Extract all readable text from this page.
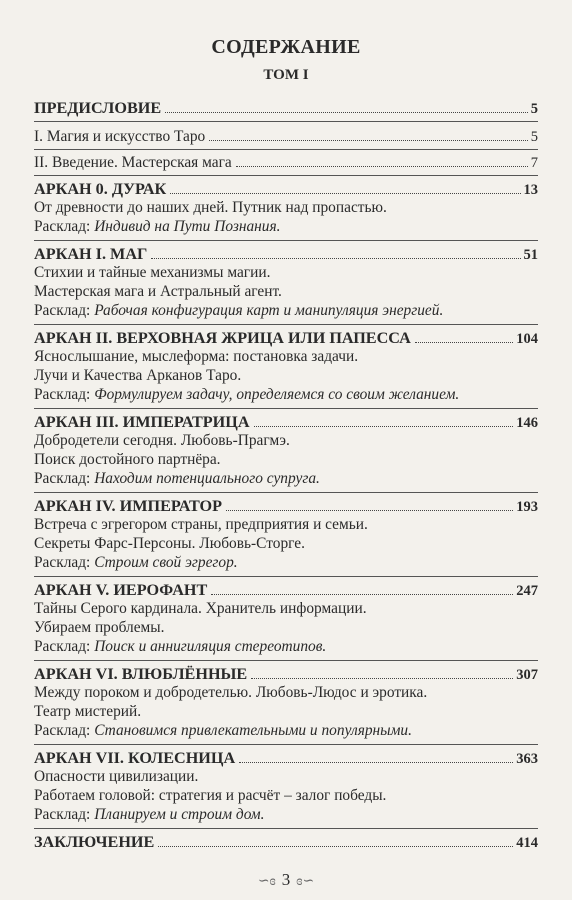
СОДЕРЖАНИЕ
ТОМ I
ПРЕДИСЛОВИЕ	5
I. Магия и искусство Таро	5
II. Введение. Мастерская мага	7
АРКАН 0. ДУРАК	13
От древности до наших дней. Путник над пропастью.
Расклад: Индивид на Пути Познания.
АРКАН I. МАГ	51
Стихии и тайные механизмы магии.
Мастерская мага и Астральный агент.
Расклад: Рабочая конфигурация карт и манипуляция энергией.
АРКАН II. ВЕРХОВНАЯ ЖРИЦА ИЛИ ПАПЕССА	104
Яснослышание, мыслеформа: постановка задачи.
Лучи и Качества Арканов Таро.
Расклад: Формулируем задачу, определяемся со своим желанием.
АРКАН III. ИМПЕРАТРИЦА	146
Добродетели сегодня. Любовь-Прагмэ.
Поиск достойного партнёра.
Расклад: Находим потенциального супруга.
АРКАН IV. ИМПЕРАТОР	193
Встреча с эгрегором страны, предприятия и семьи.
Секреты Фарс-Персоны. Любовь-Сторге.
Расклад: Строим свой эгрегор.
АРКАН V. ИЕРОФАНТ	247
Тайны Серого кардинала. Хранитель информации.
Убираем проблемы.
Расклад: Поиск и аннигиляция стереотипов.
АРКАН VI. ВЛЮБЛЁННЫЕ	307
Между пороком и добродетелью. Любовь-Людос и эротика.
Театр мистерий.
Расклад: Становимся привлекательными и популярными.
АРКАН VII. КОЛЕСНИЦА	363
Опасности цивилизации.
Работаем головой: стратегия и расчёт – залог победы.
Расклад: Планируем и строим дом.
ЗАКЛЮЧЕНИЕ	414
∽ɞ 3 ɞ∽
